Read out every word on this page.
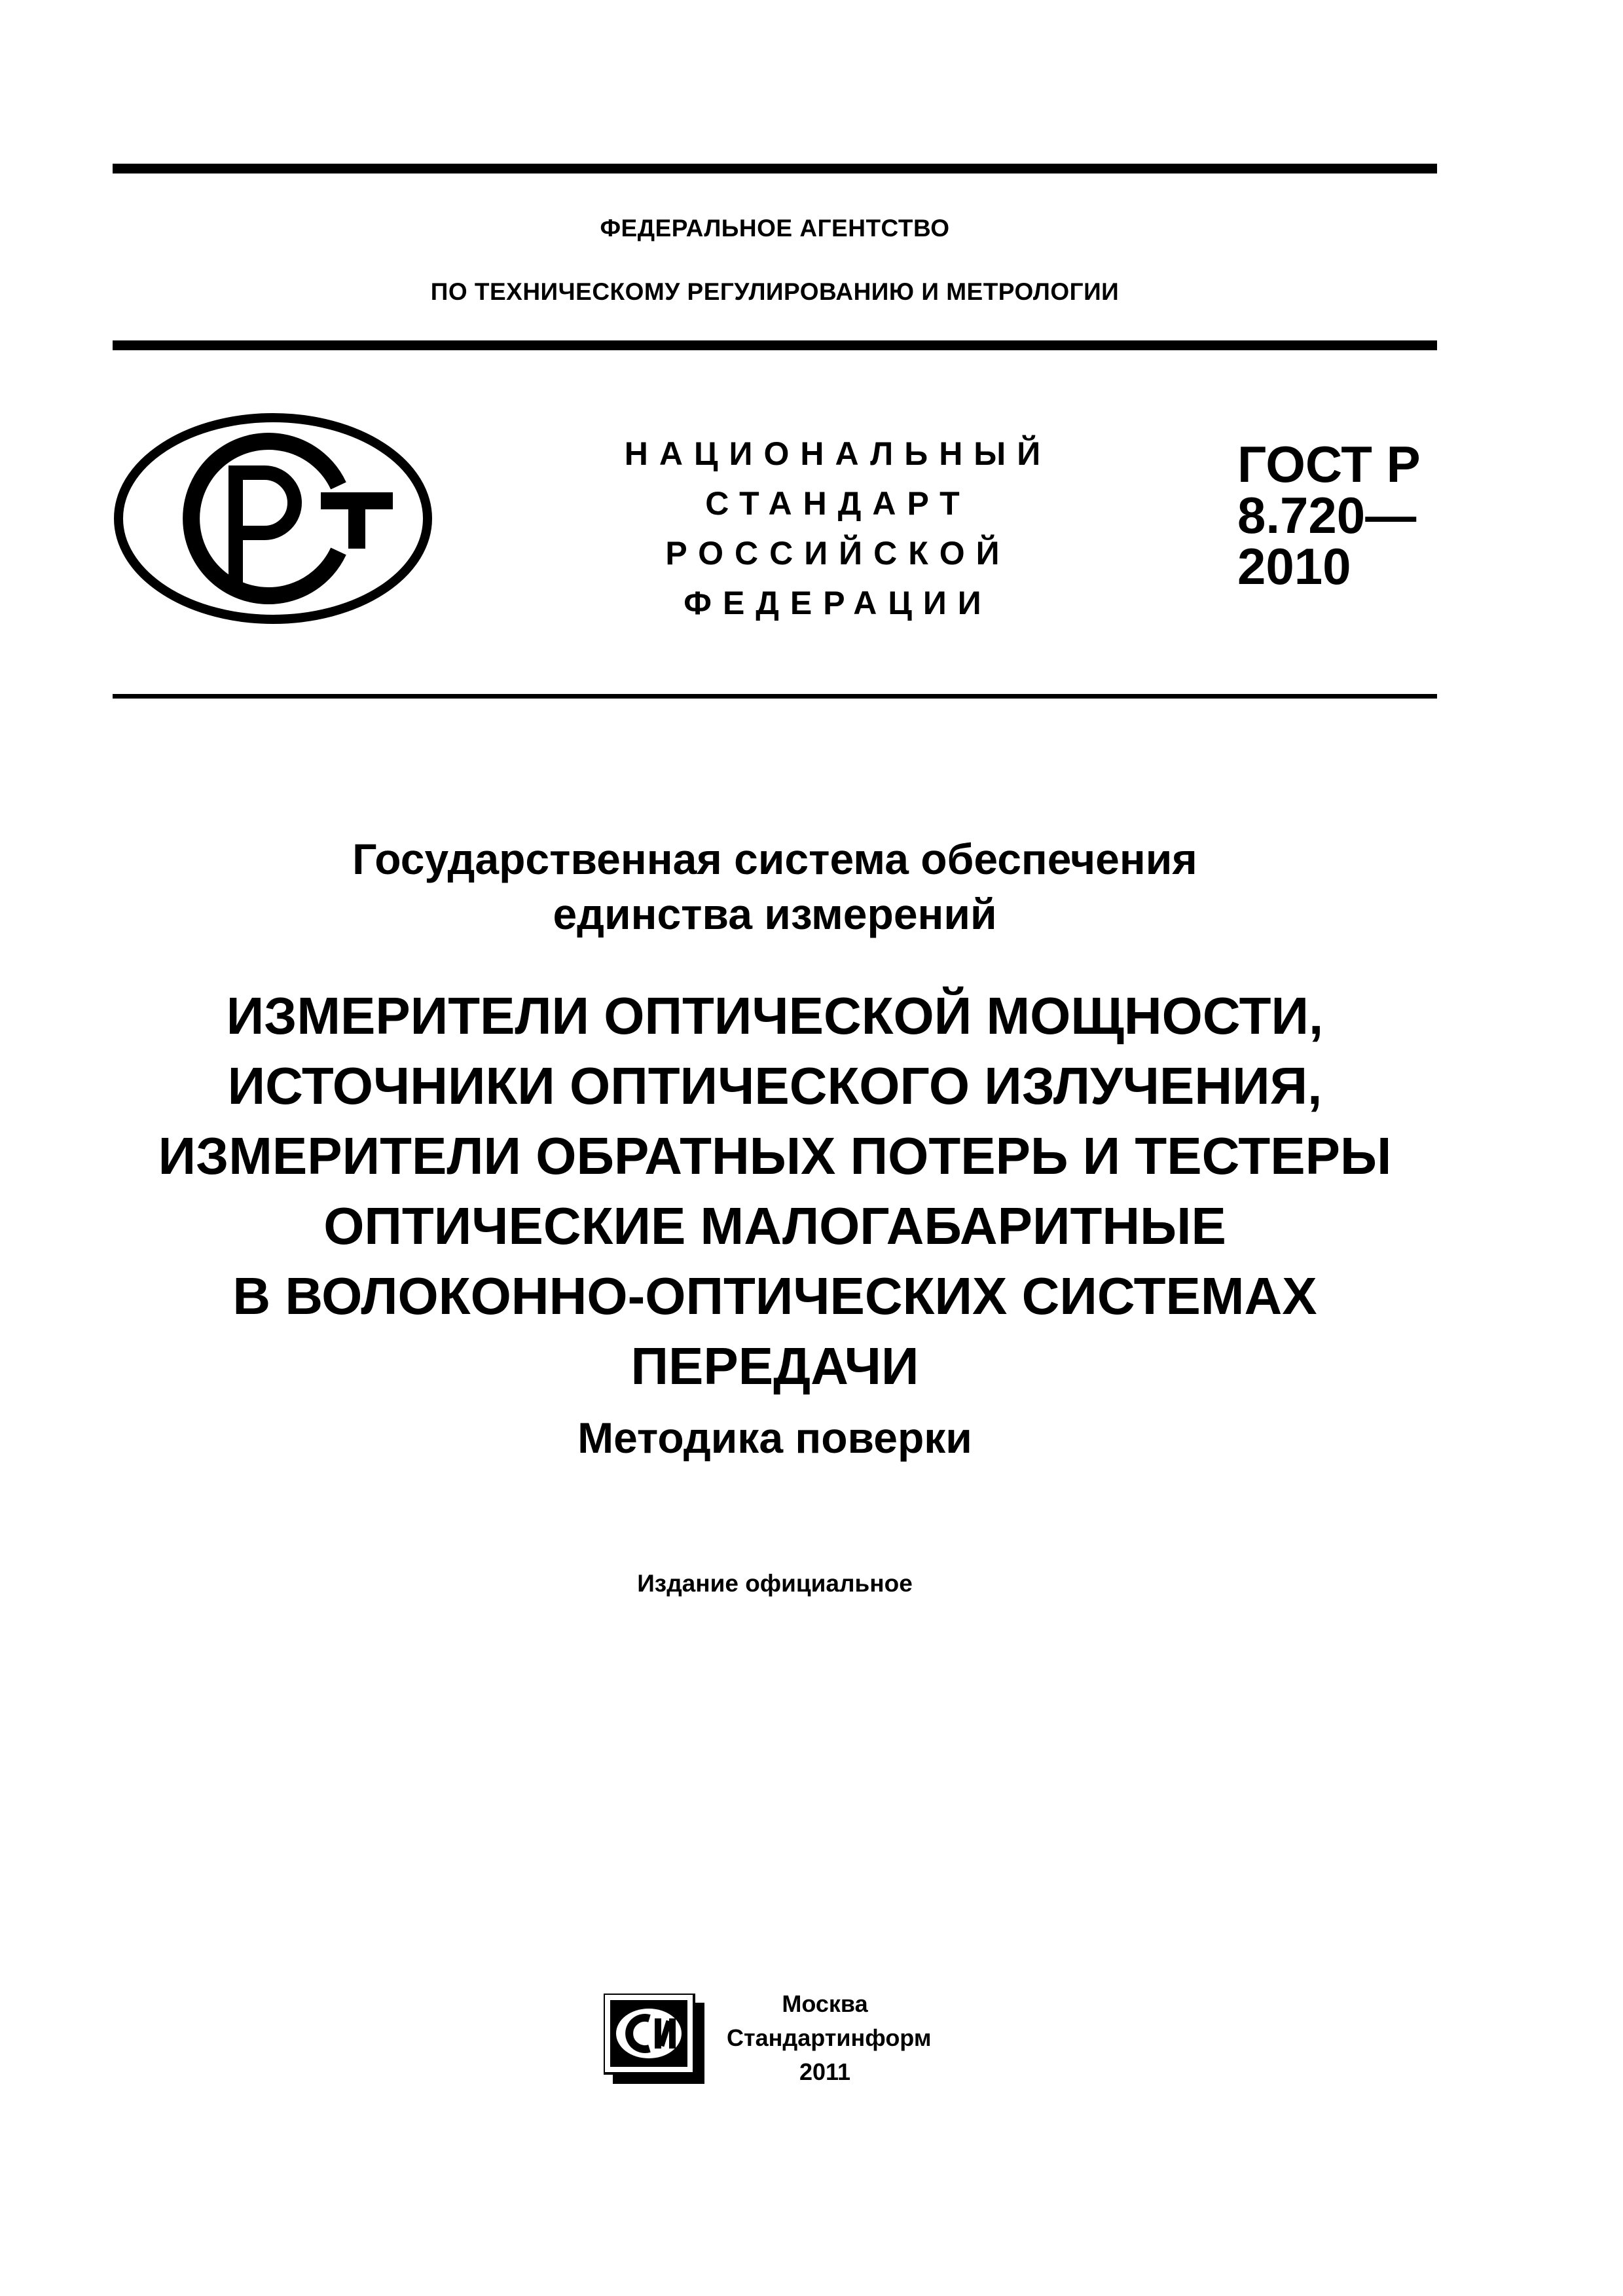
ФЕДЕРАЛЬНОЕ АГЕНТСТВО
ПО ТЕХНИЧЕСКОМУ РЕГУЛИРОВАНИЮ И МЕТРОЛОГИИ
НАЦИОНАЛЬНЫЙ
СТАНДАРТ
РОССИЙСКОЙ
ФЕДЕРАЦИИ
ГОСТ Р
8.720—
2010
Государственная система обеспечения
единства измерений
ИЗМЕРИТЕЛИ ОПТИЧЕСКОЙ МОЩНОСТИ,
ИСТОЧНИКИ ОПТИЧЕСКОГО ИЗЛУЧЕНИЯ,
ИЗМЕРИТЕЛИ ОБРАТНЫХ ПОТЕРЬ И ТЕСТЕРЫ
ОПТИЧЕСКИЕ МАЛОГАБАРИТНЫЕ
В ВОЛОКОННО-ОПТИЧЕСКИХ СИСТЕМАХ
ПЕРЕДАЧИ
Методика поверки
Издание официальное
Москва
Стандартинформ
2011
